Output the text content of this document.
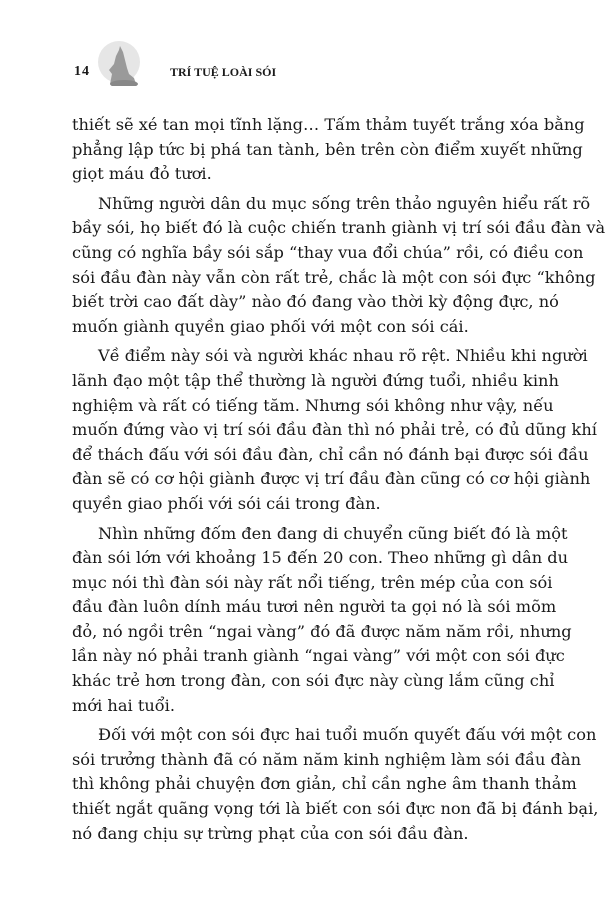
14	TRÍ TUỆ LOÀI SÓI
thiết sẽ xé tan mọi tĩnh lặng… Tấm thảm tuyết trắng xóa bằng
phẳng lập tức bị phá tan tành, bên trên còn điểm xuyết những
giọt máu đỏ tươi.
Những người dân du mục sống trên thảo nguyên hiểu rất rõ
bầy sói, họ biết đó là cuộc chiến tranh giành vị trí sói đầu đàn và
cũng có nghĩa bầy sói sắp “thay vua đổi chúa” rồi, có điều con
sói đầu đàn này vẫn còn rất trẻ, chắc là một con sói đực “không
biết trời cao đất dày” nào đó đang vào thời kỳ động đực, nó
muốn giành quyền giao phối với một con sói cái.
Về điểm này sói và người khác nhau rõ rệt. Nhiều khi người
lãnh đạo một tập thể thường là người đứng tuổi, nhiều kinh
nghiệm và rất có tiếng tăm. Nhưng sói không như vậy, nếu
muốn đứng vào vị trí sói đầu đàn thì nó phải trẻ, có đủ dũng khí
để thách đấu với sói đầu đàn, chỉ cần nó đánh bại được sói đầu
đàn sẽ có cơ hội giành được vị trí đầu đàn cũng có cơ hội giành
quyền giao phối với sói cái trong đàn.
Nhìn những đốm đen đang di chuyển cũng biết đó là một
đàn sói lớn với khoảng 15 đến 20 con. Theo những gì dân du
mục nói thì đàn sói này rất nổi tiếng, trên mép của con sói
đầu đàn luôn dính máu tươi nên người ta gọi nó là sói mõm
đỏ, nó ngồi trên “ngai vàng” đó đã được năm năm rồi, nhưng
lần này nó phải tranh giành “ngai vàng” với một con sói đực
khác trẻ hơn trong đàn, con sói đực này cùng lắm cũng chỉ
mới hai tuổi.
Đối với một con sói đực hai tuổi muốn quyết đấu với một con
sói trưởng thành đã có năm năm kinh nghiệm làm sói đầu đàn
thì không phải chuyện đơn giản, chỉ cần nghe âm thanh thảm
thiết ngắt quãng vọng tới là biết con sói đực non đã bị đánh bại,
nó đang chịu sự trừng phạt của con sói đầu đàn.
